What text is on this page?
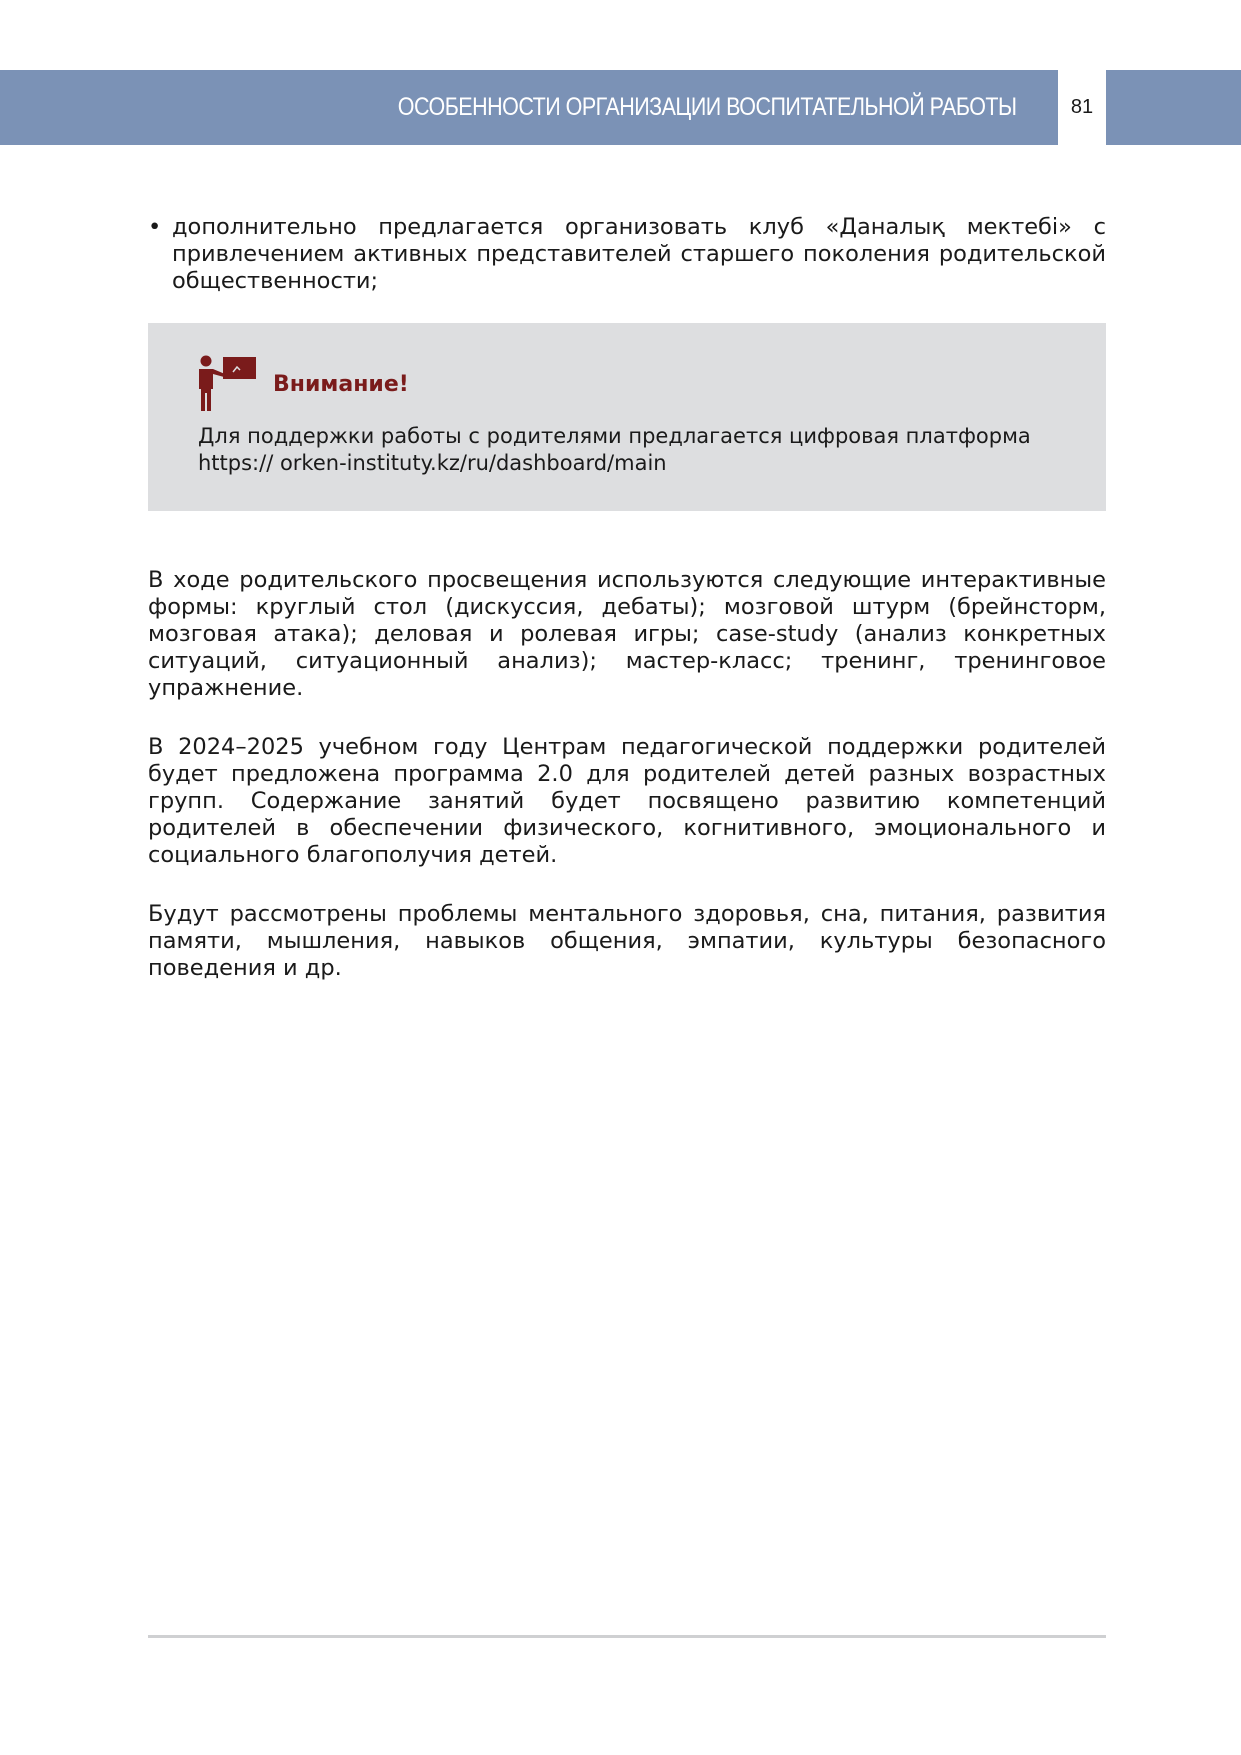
ОСОБЕННОСТИ ОРГАНИЗАЦИИ ВОСПИТАТЕЛЬНОЙ РАБОТЫ	81
• дополнительно предлагается организовать клуб «Даналық мектебі» с привлечением активных представителей старшего поколения родительской общественности;
Внимание!
Для поддержки работы с родителями предлагается цифровая платформа https:// orken-instituty.kz/ru/dashboard/main

В ходе родительского просвещения используются следующие интерактивные формы: круглый стол (дискуссия, дебаты); мозговой штурм (брейнсторм, мозговая атака); деловая и ролевая игры; case-study (анализ конкретных ситуаций, ситуационный анализ); мастер-класс; тренинг, тренинговое упражнение.

В 2024–2025 учебном году Центрам педагогической поддержки родителей будет предложена программа 2.0 для родителей детей разных возрастных групп. Содержание занятий будет посвящено развитию компетенций родителей в обеспечении физического, когнитивного, эмоционального и социального благополучия детей.

Будут рассмотрены проблемы ментального здоровья, сна, питания, развития памяти, мышления, навыков общения, эмпатии, культуры безопасного поведения и др.
